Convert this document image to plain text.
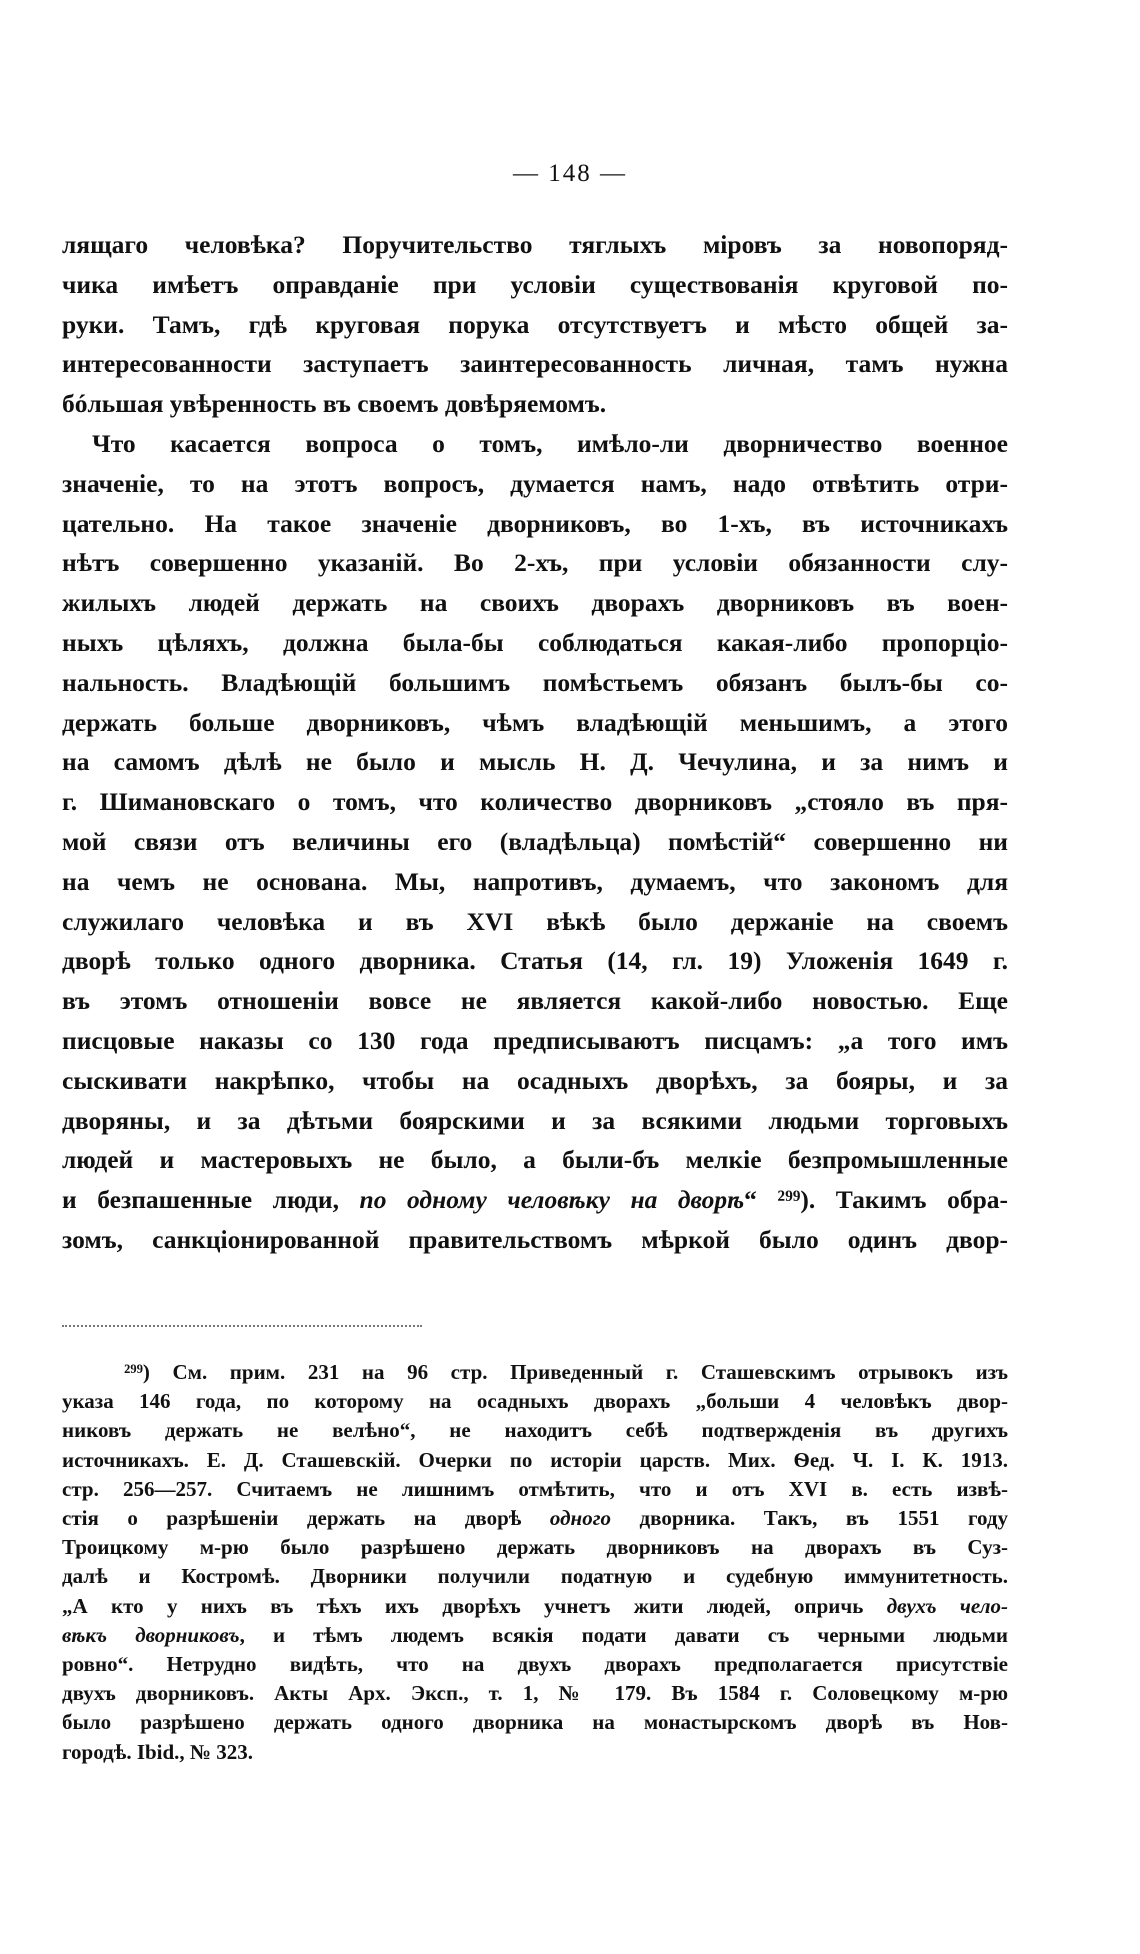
— 148 —
лящаго человѣка? Поручительство тяглыхъ міровъ за новопоряд-
чика имѣетъ оправданіе при условіи существованія круговой по-
руки. Тамъ, гдѣ круговая порука отсутствуетъ и мѣсто общей за-
интересованности заступаетъ заинтересованность личная, тамъ нужна
бóльшая увѣренность въ своемъ довѣряемомъ.
Что касается вопроса о томъ, имѣло-ли дворничество военное
значеніе, то на этотъ вопросъ, думается намъ, надо отвѣтить отри-
цательно. На такое значеніе дворниковъ, во 1-хъ, въ источникахъ
нѣтъ совершенно указаній. Во 2-хъ, при условіи обязанности слу-
жилыхъ людей держать на своихъ дворахъ дворниковъ въ воен-
ныхъ цѣляхъ, должна была-бы соблюдаться какая-либо пропорціо-
нальность. Владѣющій большимъ помѣстьемъ обязанъ былъ-бы со-
держать больше дворниковъ, чѣмъ владѣющій меньшимъ, а этого
на самомъ дѣлѣ не было и мысль Н. Д. Чечулина, и за нимъ и
г. Шимановскаго о томъ, что количество дворниковъ „стояло въ пря-
мой связи отъ величины его (владѣльца) помѣстій“ совершенно ни
на чемъ не основана. Мы, напротивъ, думаемъ, что закономъ для
служилаго человѣка и въ XVI вѣкѣ было держаніе на своемъ
дворѣ только одного дворника. Статья (14, гл. 19) Уложенія 1649 г.
въ этомъ отношеніи вовсе не является какой-либо новостью. Еще
писцовые наказы со 130 года предписываютъ писцамъ: „а того имъ
сыскивати накрѣпко, чтобы на осадныхъ дворѣхъ, за бояры, и за
дворяны, и за дѣтьми боярскими и за всякими людьми торговыхъ
людей и мастеровыхъ не было, а были-бъ мелкіе безпромышленные
и безпашенные люди, по одному человѣку на дворѣ“ ²⁹⁹). Такимъ обра-
зомъ, санкціонированной правительствомъ мѣркой было одинъ двор-
²⁹⁹) См. прим. 231 на 96 стр. Приведенный г. Сташевскимъ отрывокъ изъ
указа 146 года, по которому на осадныхъ дворахъ „больши 4 человѣкъ двор-
никовъ держать не велѣно“, не находитъ себѣ подтвержденія въ другихъ
источникахъ. Е. Д. Сташевскій. Очерки по исторіи царств. Мих. Ѳед. Ч. I. К. 1913.
стр. 256—257. Считаемъ не лишнимъ отмѣтить, что и отъ XVI в. есть извѣ-
стія о разрѣшеніи держать на дворѣ одного дворника. Такъ, въ 1551 году
Троицкому м-рю было разрѣшено держать дворниковъ на дворахъ въ Суз-
далѣ и Костромѣ. Дворники получили податную и судебную иммунитетность.
„А кто у нихъ въ тѣхъ ихъ дворѣхъ учнетъ жити людей, опричь двухъ чело-
вѣкъ дворниковъ, и тѣмъ людемъ всякія подати давати съ черными людьми
ровно“. Нетрудно видѣть, что на двухъ дворахъ предполагается присутствіе
двухъ дворниковъ. Акты Арх. Эксп., т. 1, № 179. Въ 1584 г. Соловецкому м-рю
было разрѣшено держать одного дворника на монастырскомъ дворѣ въ Нов-
городѣ. Ibid., № 323.
